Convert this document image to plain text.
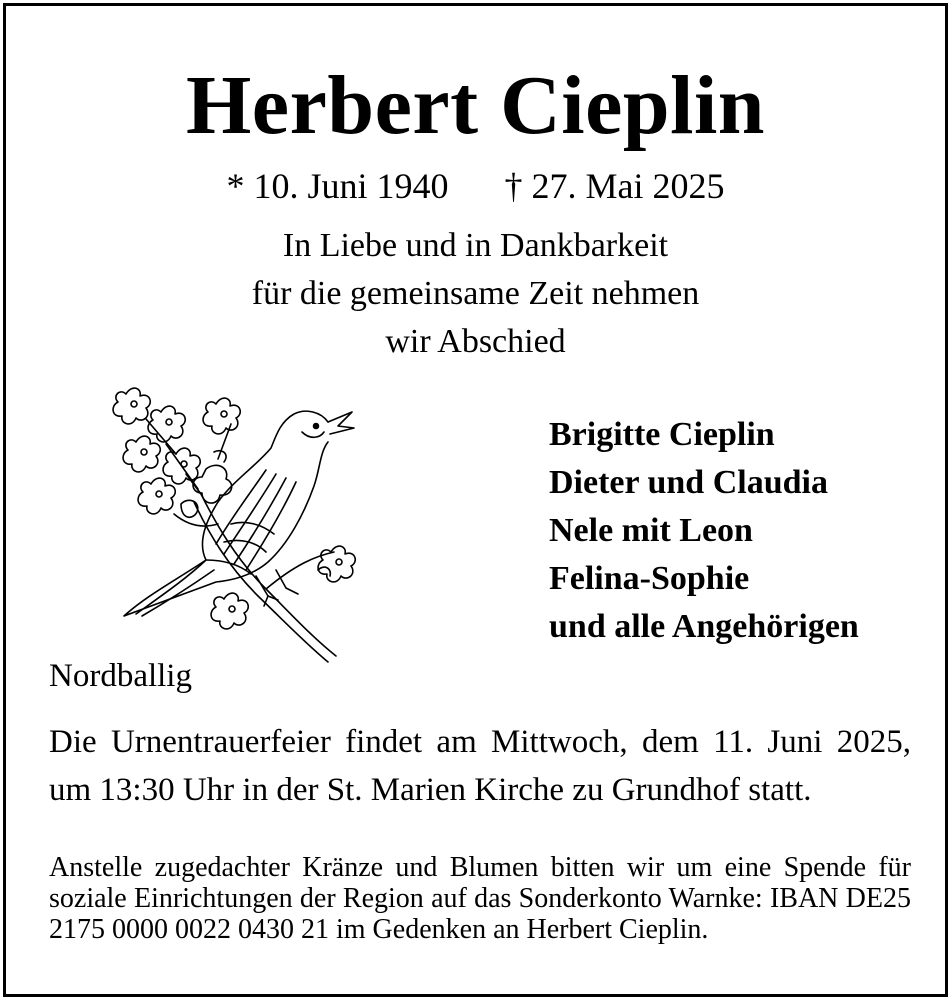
Herbert Cieplin
* 10. Juni 1940 † 27. Mai 2025
In Liebe und in Dankbarkeit
für die gemeinsame Zeit nehmen
wir Abschied
Brigitte Cieplin
Dieter und Claudia
Nele mit Leon
Felina-Sophie
und alle Angehörigen
Nordballig
Die Urnentrauerfeier findet am Mittwoch, dem 11. Juni 2025, um 13:30 Uhr in der St. Marien Kirche zu Grundhof statt.
Anstelle zugedachter Kränze und Blumen bitten wir um eine Spende für soziale Einrichtungen der Region auf das Sonderkonto Warnke: IBAN DE25 2175 0000 0022 0430 21 im Gedenken an Herbert Cieplin.
